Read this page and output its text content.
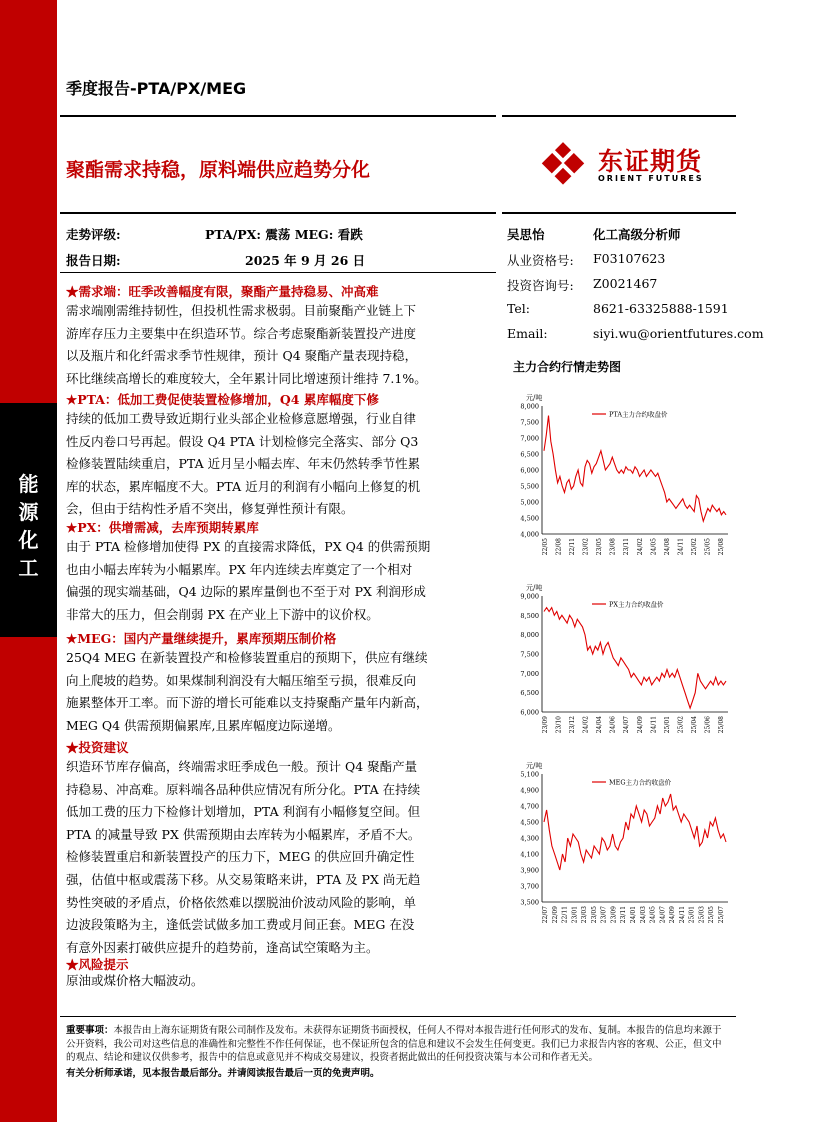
能
源
化
工
季度报告-PTA/PX/MEG
聚酯需求持稳，原料端供应趋势分化	东证期货
ORIENT FUTURES
走势评级:	PTA/PX: 震荡 MEG: 看跌
报告日期:	2025 年 9 月 26 日
吴思怡	化工高级分析师
从业资格号: F03107623
投资咨询号: Z0021467
Tel:	8621-63325888-1591
Email:	siyi.wu@orientfutures.com
主力合约行情走势图
★需求端：旺季改善幅度有限，聚酯产量持稳易、冲高难
需求端刚需维持韧性，但投机性需求极弱。目前聚酯产业链上下
游库存压力主要集中在织造环节。综合考虑聚酯新装置投产进度
以及瓶片和化纤需求季节性规律，预计 Q4 聚酯产量表现持稳，
环比继续高增长的难度较大，全年累计同比增速预计维持 7.1%。
★PTA：低加工费促使装置检修增加，Q4 累库幅度下修
持续的低加工费导致近期行业头部企业检修意愿增强，行业自律
性反内卷口号再起。假设 Q4 PTA 计划检修完全落实、部分 Q3
检修装置陆续重启，PTA 近月呈小幅去库、年末仍然转季节性累
库的状态，累库幅度不大。PTA 近月的利润有小幅向上修复的机
会，但由于结构性矛盾不突出，修复弹性预计有限。
★PX：供增需减，去库预期转累库
由于 PTA 检修增加使得 PX 的直接需求降低，PX Q4 的供需预期
也由小幅去库转为小幅累库。PX 年内连续去库奠定了一个相对
偏强的现实端基础，Q4 边际的累库量倒也不至于对 PX 利润形成
非常大的压力，但会削弱 PX 在产业上下游中的议价权。
★MEG：国内产量继续提升，累库预期压制价格
25Q4 MEG 在新装置投产和检修装置重启的预期下，供应有继续
向上爬坡的趋势。如果煤制利润没有大幅压缩至亏损，很难反向
施累整体开工率。而下游的增长可能难以支持聚酯产量年内新高，
MEG Q4 供需预期偏累库,且累库幅度边际递增。
★投资建议
织造环节库存偏高，终端需求旺季成色一般。预计 Q4 聚酯产量
持稳易、冲高难。原料端各品种供应情况有所分化。PTA 在持续
低加工费的压力下检修计划增加，PTA 利润有小幅修复空间。但
PTA 的减量导致 PX 供需预期由去库转为小幅累库，矛盾不大。
检修装置重启和新装置投产的压力下，MEG 的供应回升确定性
强，估值中枢或震荡下移。从交易策略来讲，PTA 及 PX 尚无趋
势性突破的矛盾点，价格依然难以摆脱油价波动风险的影响，单
边波段策略为主，逢低尝试做多加工费或月间正套。MEG 在没
有意外因素打破供应提升的趋势前，逢高试空策略为主。
★风险提示
原油或煤价格大幅波动。
元/吨
8,000
7,500
7,000
6,500
6,000
5,500
5,000
4,500
4,000
22/05 22/08 22/11 23/02 23/05 23/08 23/11 24/02 24/05 24/08 24/11 25/02 25/05 25/08
PTA主力合约收盘价
元/吨
9,000
8,500
8,000
7,500
7,000
6,500
6,000
23/09 23/10 23/12 24/02 24/04 24/06 24/07 24/09 24/11 25/01 25/02 25/04 25/06 25/08
PX主力合约收盘价
元/吨
5,100
4,900
4,700
4,500
4,300
4,100
3,900
3,700
3,500
22/07 22/09 22/11 23/01 23/03 23/05 23/07 23/09 23/11 24/01 24/03 24/05 24/07 24/09 24/11 25/01 25/03 25/05 25/07
MEG主力合约收盘价
重要事项：本报告由上海东证期货有限公司制作及发布。未获得东证期货书面授权，任何人不得对本报告进行任何形式的发布、复制。本报告的信息均来源于公开资料，我公司对这些信息的准确性和完整性不作任何保证，也不保证所包含的信息和建议不会发生任何变更。我们已力求报告内容的客观、公正，但文中的观点、结论和建议仅供参考，报告中的信息或意见并不构成交易建议，投资者据此做出的任何投资决策与本公司和作者无关。
有关分析师承诺，见本报告最后部分。并请阅读报告最后一页的免责声明。
